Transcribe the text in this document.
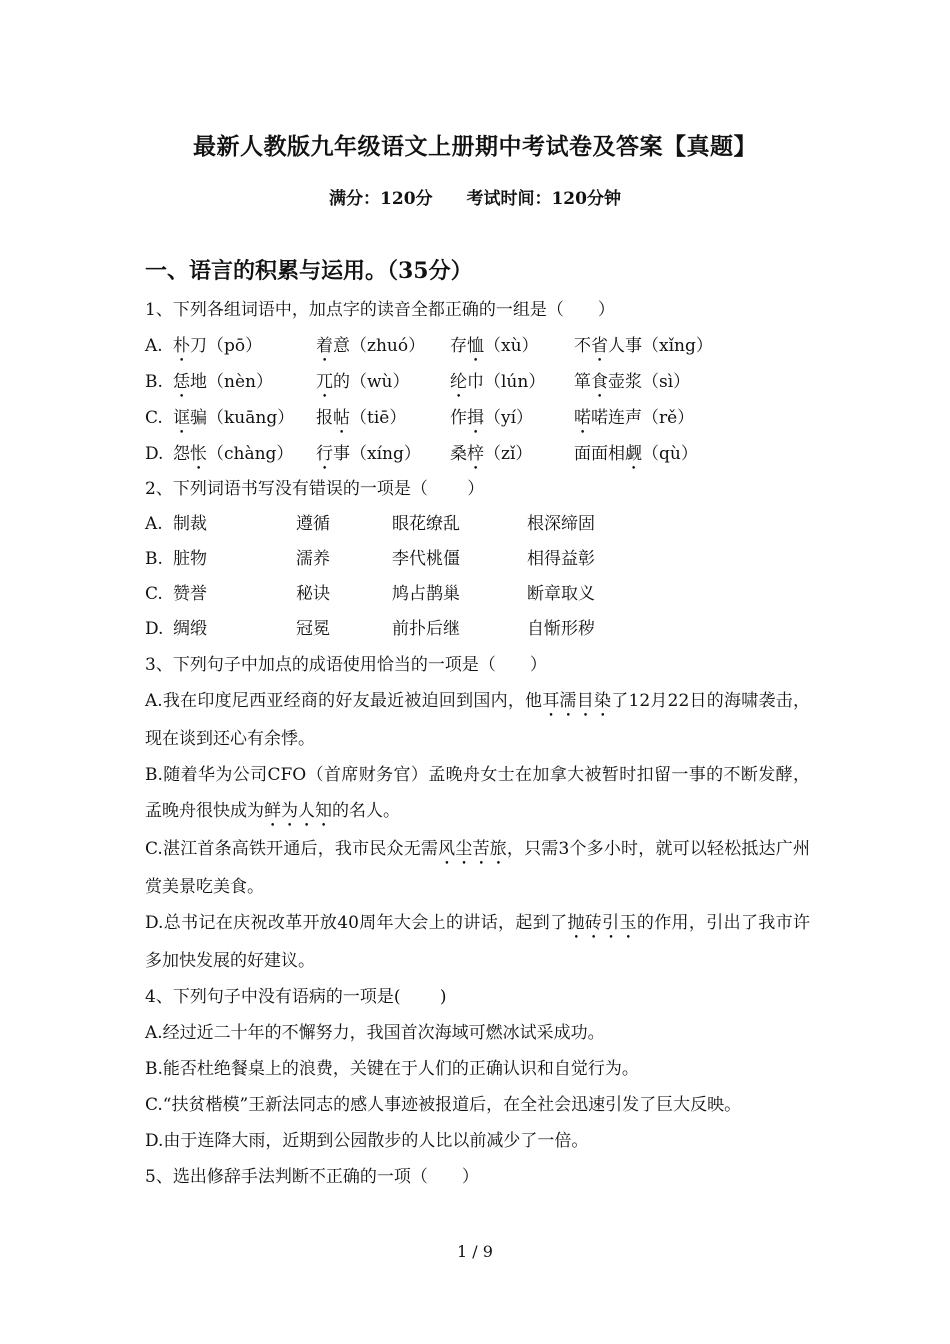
最新人教版九年级语文上册期中考试卷及答案【真题】
满分：120分 考试时间：120分钟
一、语言的积累与运用。（35分）
1、下列各组词语中，加点字的读音全都正确的一组是（　　）
A. 朴刀（pō）	着意（zhuó） 存恤（xù） 不省人事（xǐng）
B. 恁地（nèn）	兀的（wù） 纶巾（lún） 箪食壶浆（sì）
C. 诓骗（kuāng） 报帖（tiē）	作揖（yí） 喏喏连声（rě）
D. 怨怅（chàng） 行事（xíng） 桑梓（zǐ） 面面相觑（qù）
2、下列词语书写没有错误的一项是（　　 ）
A. 制裁	遵循	眼花缭乱	根深缔固
B. 脏物	濡养	李代桃僵	相得益彰
C. 赞誉	秘诀	鸠占鹊巢	断章取义
D. 绸缎	冠冕	前扑后继	自惭形秽
3、下列句子中加点的成语使用恰当的一项是（　　）
A.我在印度尼西亚经商的好友最近被迫回到国内，他耳濡目染了12月22日的海啸袭击，现在谈到还心有余悸。
B.随着华为公司CFO（首席财务官）孟晚舟女士在加拿大被暂时扣留一事的不断发酵，孟晚舟很快成为鲜为人知的名人。
C.湛江首条高铁开通后，我市民众无需风尘苦旅，只需3个多小时，就可以轻松抵达广州赏美景吃美食。
D.总书记在庆祝改革开放40周年大会上的讲话，起到了抛砖引玉的作用，引出了我市许多加快发展的好建议。
4、下列句子中没有语病的一项是(　　 )
A.经过近二十年的不懈努力，我国首次海域可燃冰试采成功。
B.能否杜绝餐桌上的浪费，关键在于人们的正确认识和自觉行为。
C.“扶贫楷模”王新法同志的感人事迹被报道后，在全社会迅速引发了巨大反映。
D.由于连降大雨，近期到公园散步的人比以前减少了一倍。
5、选出修辞手法判断不正确的一项（　　）
1 / 9
